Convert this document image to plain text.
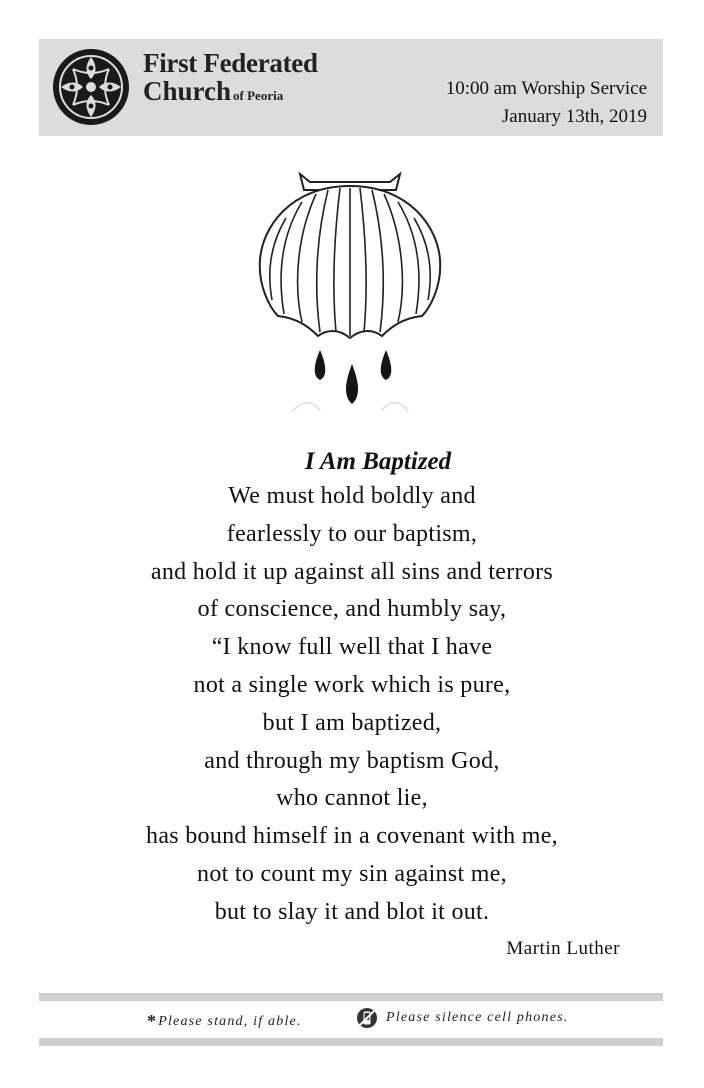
First Federated
Church of Peoria	10:00 am Worship Service
January 13th, 2019
I Am Baptized
We must hold boldly and
fearlessly to our baptism,
and hold it up against all sins and terrors
of conscience, and humbly say,
“I know full well that I have
not a single work which is pure,
but I am baptized,
and through my baptism God,
who cannot lie,
has bound himself in a covenant with me,
not to count my sin against me,
but to slay it and blot it out.
Martin Luther
*Please stand, if able.	Please silence cell phones.
